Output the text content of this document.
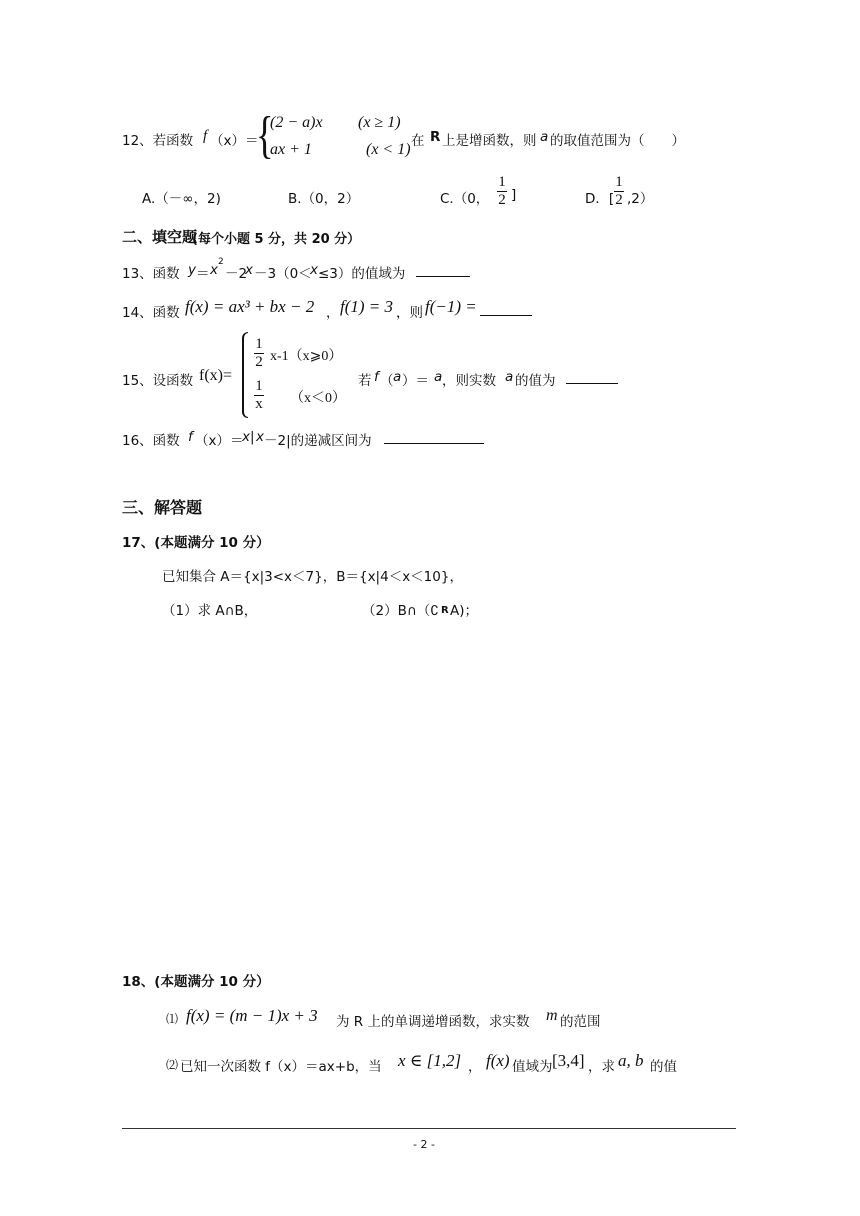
12、若函数 f （x）＝
{
(2 − a)x (x ≥ 1)
ax + 1	(x < 1) 在 R 上是增函数，则 a 的取值范围为（　　）
A.（－∞，2)	B.（0，2）	C.（0，
1
2 ]	D．[
1
2 ,2）
二、填空题
(每个小题 5 分，共 20 分）
13、函数 y ＝ x 2
－2
x －3（0＜
x ≤3）的值域为
14、函数 f(x) = ax³ + bx − 2 ， f(1) = 3 ，则 f(−1) =
15、设函数 f(x)=
1
2 x-1（x⩾0）
1
x （x＜0）
若 f （ a ）＝ a ，则实数 a 的值为
16、函数 f （x）＝
x | x －2|的递减区间为
三、解答题
17、(本题满分 10 分）
已知集合 A＝{x|3<x＜7}，B＝{x|4＜x＜10}，
（1）求 A∩B，	（2）B∩（∁ R A)；
18、(本题满分 10 分）
⑴ f(x) = (m − 1)x + 3 为 R 上的单调递增函数，求实数 m 的范围
⑵ 已知一次函数 f（x）＝ax+b，当 x ∈ [1,2] ， f(x) 值域为 [3,4] ，求 a, b 的值
- 2 -
